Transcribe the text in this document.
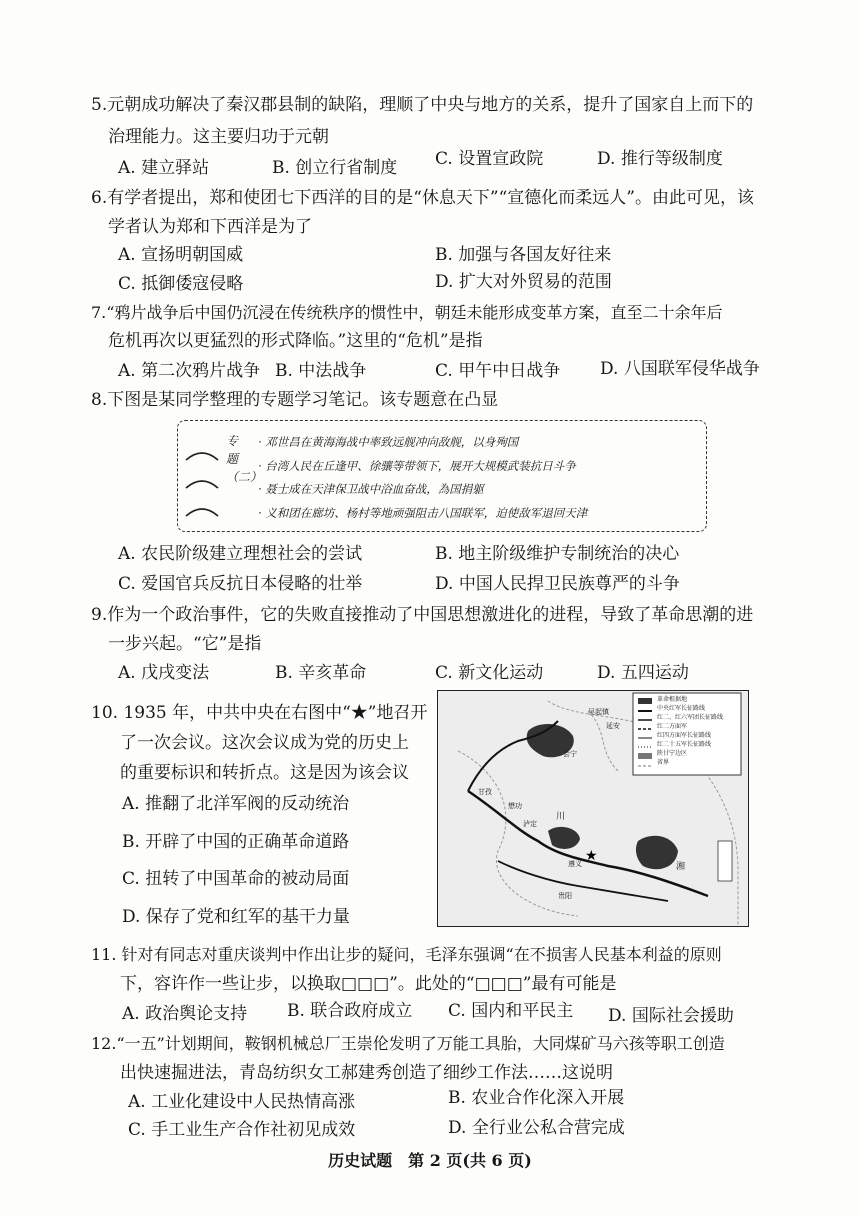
5.元朝成功解决了秦汉郡县制的缺陷，理顺了中央与地方的关系，提升了国家自上而下的
治理能力。这主要归功于元朝
A. 建立驿站	B. 创立行省制度 C. 设置宣政院	D. 推行等级制度
6.有学者提出，郑和使团七下西洋的目的是“休息天下”“宣德化而柔远人”。由此可见，该
学者认为郑和下西洋是为了
A. 宣扬明朝国威	B. 加强与各国友好往来
C. 抵御倭寇侵略	D. 扩大对外贸易的范围
7.“鸦片战争后中国仍沉浸在传统秩序的惯性中，朝廷未能形成变革方案，直至二十余年后
危机再次以更猛烈的形式降临。”这里的“危机”是指
A. 第二次鸦片战争 B. 中法战争	C. 甲午中日战争 D. 八国联军侵华战争
8.下图是某同学整理的专题学习笔记。该专题意在凸显
专题（二）
· 邓世昌在黄海海战中率致远舰冲向敌舰，以身殉国
· 台湾人民在丘逢甲、徐骧等带领下，展开大规模武装抗日斗争
· 聂士成在天津保卫战中浴血奋战，為国捐躯
· 义和团在廊坊、杨村等地顽强阻击八国联军，迫使敌军退回天津
A. 农民阶级建立理想社会的尝试	B. 地主阶级维护专制统治的决心
C. 爱国官兵反抗日本侵略的壮举	D. 中国人民捍卫民族尊严的斗争
9.作为一个政治事件，它的失败直接推动了中国思想激进化的进程，导致了革命思潮的进
一步兴起。“它”是指
A. 戊戌变法	B. 辛亥革命	C. 新文化运动	D. 五四运动
10. 1935 年，中共中央在右图中“★”地召开
了一次会议。这次会议成为党的历史上
的重要标识和转折点。这是因为该会议
A. 推翻了北洋军阀的反动统治
B. 开辟了中国的正确革命道路
C. 扭转了中国革命的被动局面
D. 保存了党和红军的基干力量
★
革命根据地
中央红军长征路线
红二、红六军团长征路线
红二方面军
红四方面军长征路线
红二十五军长征路线
陕甘宁边区
省界
会宁
吴起镇
延安
甘孜
懋功
泸定
川
遵义	湘
贵阳
11. 针对有同志对重庆谈判中作出让步的疑问，毛泽东强调“在不损害人民基本利益的原则
下，容许作一些让步，以换取□□□”。此处的“□□□”最有可能是
A. 政治舆论支持 B. 联合政府成立 C. 国内和平民主 D. 国际社会援助
12.“一五”计划期间，鞍钢机械总厂王崇伦发明了万能工具胎，大同煤矿马六孩等职工创造
出快速掘进法，青岛纺织女工郝建秀创造了细纱工作法……这说明
A. 工业化建设中人民热情高涨	B. 农业合作化深入开展
C. 手工业生产合作社初见成效	D. 全行业公私合营完成
历史试题　第 2 页(共 6 页)
